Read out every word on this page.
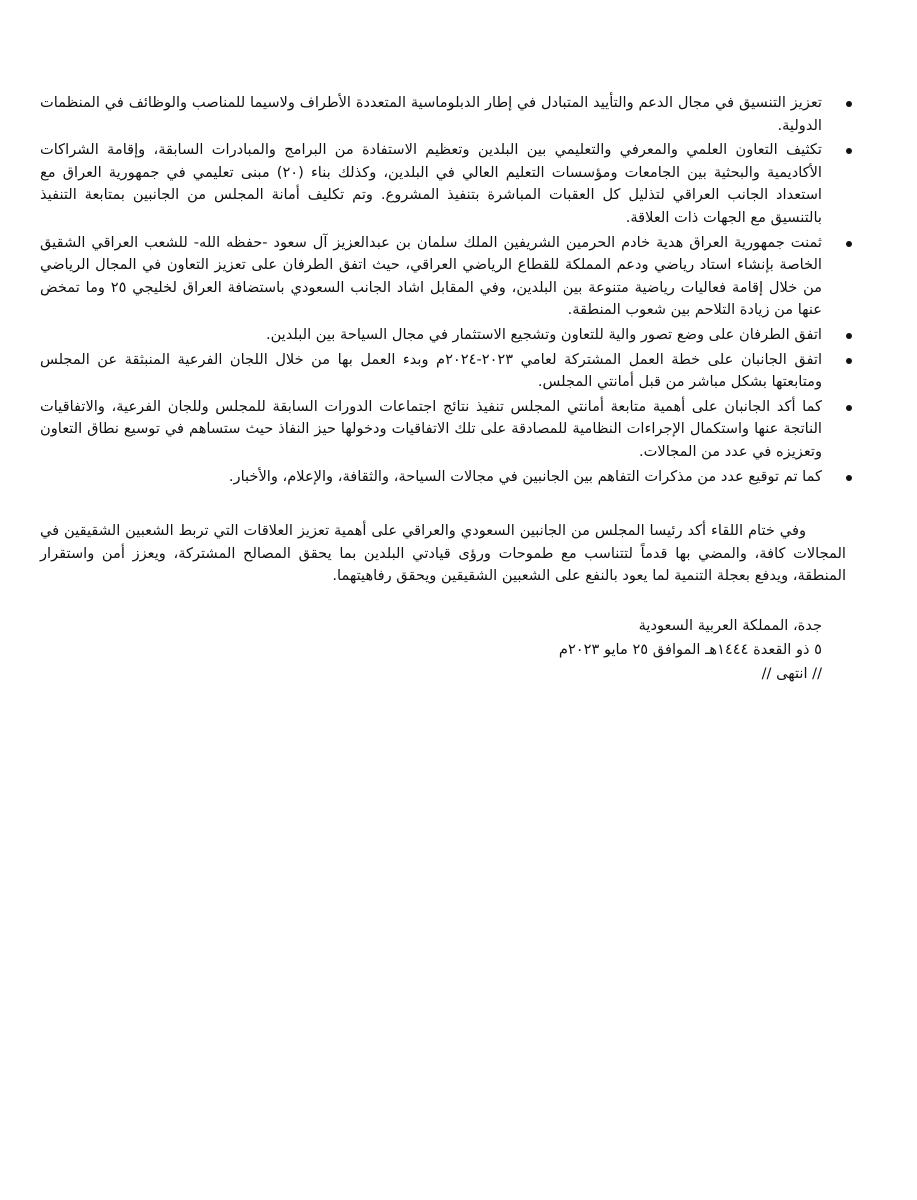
تعزيز التنسيق في مجال الدعم والتأييد المتبادل في إطار الدبلوماسية المتعددة الأطراف ولاسيما للمناصب والوظائف في المنظمات الدولية.
تكثيف التعاون العلمي والمعرفي والتعليمي بين البلدين وتعظيم الاستفادة من البرامج والمبادرات السابقة، وإقامة الشراكات الأكاديمية والبحثية بين الجامعات ومؤسسات التعليم العالي في البلدين، وكذلك بناء (٢٠) مبنى تعليمي في جمهورية العراق مع استعداد الجانب العراقي لتذليل كل العقبات المباشرة بتنفيذ المشروع. وتم تكليف أمانة المجلس من الجانبين بمتابعة التنفيذ بالتنسيق مع الجهات ذات العلاقة.
ثمنت جمهورية العراق هدية خادم الحرمين الشريفين الملك سلمان بن عبدالعزيز آل سعود -حفظه الله- للشعب العراقي الشقيق الخاصة بإنشاء استاد رياضي ودعم المملكة للقطاع الرياضي العراقي، حيث اتفق الطرفان على تعزيز التعاون في المجال الرياضي من خلال إقامة فعاليات رياضية متنوعة بين البلدين، وفي المقابل اشاد الجانب السعودي باستضافة العراق لخليجي ٢٥ وما تمخض عنها من زيادة التلاحم بين شعوب المنطقة.
اتفق الطرفان على وضع تصور والية للتعاون وتشجيع الاستثمار في مجال السياحة بين البلدين.
اتفق الجانبان على خطة العمل المشتركة لعامي ٢٠٢٣-٢٠٢٤م وبدء العمل بها من خلال اللجان الفرعية المنبثقة عن المجلس ومتابعتها بشكل مباشر من قبل أمانتي المجلس.
كما أكد الجانبان على أهمية متابعة أمانتي المجلس تنفيذ نتائج اجتماعات الدورات السابقة للمجلس وللجان الفرعية، والاتفاقيات الناتجة عنها واستكمال الإجراءات النظامية للمصادقة على تلك الاتفاقيات ودخولها حيز النفاذ حيث ستساهم في توسيع نطاق التعاون وتعزيزه في عدد من المجالات.
كما تم توقيع عدد من مذكرات التفاهم بين الجانبين في مجالات السياحة، والثقافة، والإعلام، والأخبار.

وفي ختام اللقاء أكد رئيسا المجلس من الجانبين السعودي والعراقي على أهمية تعزيز العلاقات التي تربط الشعبين الشقيقين في المجالات كافة، والمضي بها قدماً لتتناسب مع طموحات ورؤى قيادتي البلدين بما يحقق المصالح المشتركة، ويعزز أمن واستقرار المنطقة، ويدفع بعجلة التنمية لما يعود بالنفع على الشعبين الشقيقين ويحقق رفاهيتهما.

جدة، المملكة العربية السعودية
٥ ذو القعدة ١٤٤٤هـ الموافق ٢٥ مايو ٢٠٢٣م
// انتهى //
